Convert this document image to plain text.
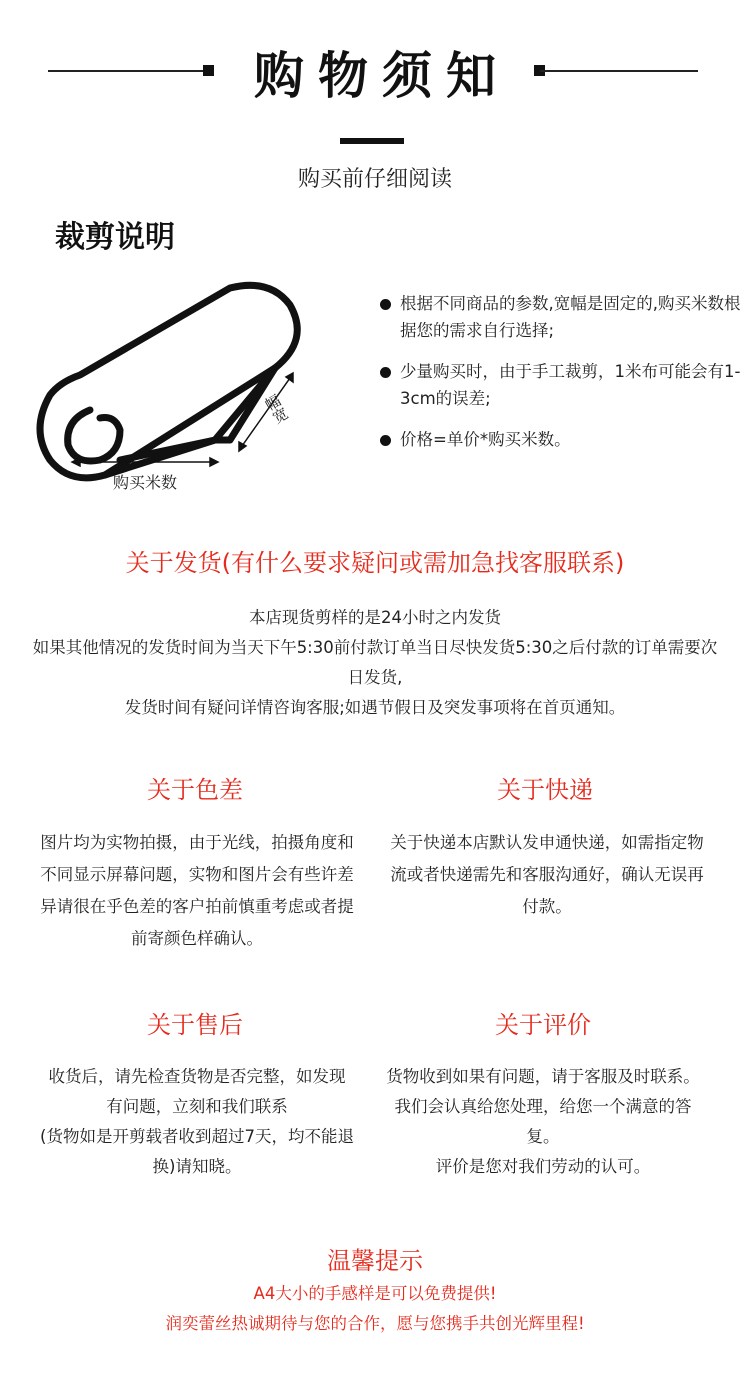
购物须知
购买前仔细阅读
裁剪说明
幅宽
购买米数
根据不同商品的参数,宽幅是固定的,购买米数根据您的需求自行选择;
少量购买时，由于手工裁剪，1米布可能会有1-3cm的误差;
价格=单价*购买米数。
关于发货(有什么要求疑问或需加急找客服联系)
本店现货剪样的是24小时之内发货
如果其他情况的发货时间为当天下午5:30前付款订单当日尽快发货5:30之后付款的订单需要次日发货,
发货时间有疑问详情咨询客服;如遇节假日及突发事项将在首页通知。
关于色差
图片均为实物拍摄，由于光线，拍摄角度和不同显示屏幕问题，实物和图片会有些许差异请很在乎色差的客户拍前慎重考虑或者提前寄颜色样确认。
关于快递
关于快递本店默认发申通快递，如需指定物流或者快递需先和客服沟通好，确认无误再付款。
关于售后
收货后，请先检查货物是否完整，如发现有问题，立刻和我们联系
(货物如是开剪载者收到超过7天，均不能退换)请知晓。
关于评价
货物收到如果有问题，请于客服及时联系。我们会认真给您处理，给您一个满意的答复。
评价是您对我们劳动的认可。
温馨提示
A4大小的手感样是可以免费提供!
润奕蕾丝热诚期待与您的合作，愿与您携手共创光辉里程!
